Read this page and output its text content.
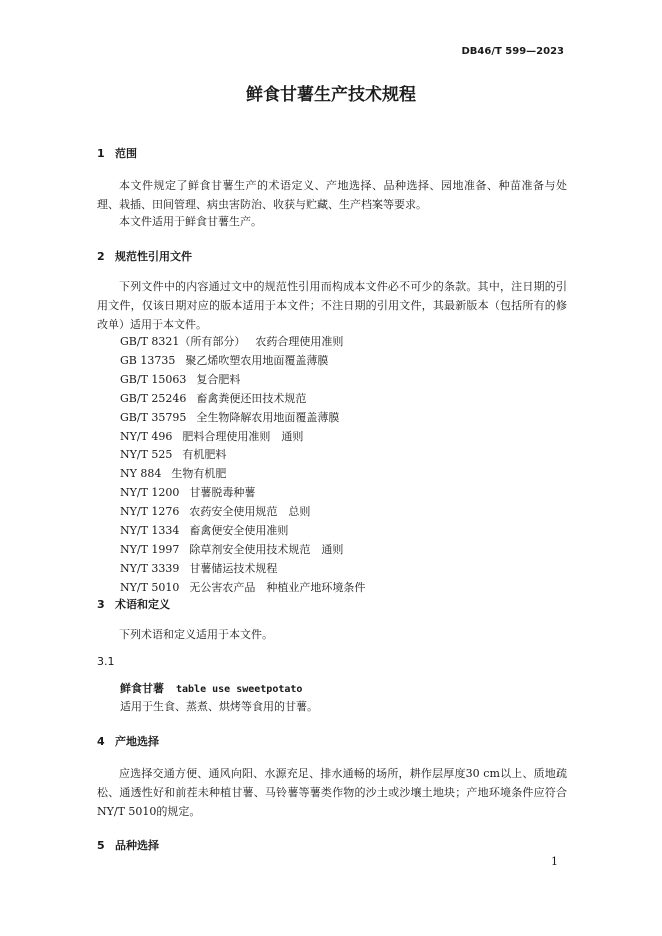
DB46/T 599—2023
鲜食甘薯生产技术规程
1 范围

本文件规定了鲜食甘薯生产的术语定义、产地选择、品种选择、园地准备、种苗准备与处理、栽插、田间管理、病虫害防治、收获与贮藏、生产档案等要求。

本文件适用于鲜食甘薯生产。

2 规范性引用文件

下列文件中的内容通过文中的规范性引用而构成本文件必不可少的条款。其中，注日期的引用文件，仅该日期对应的版本适用于本文件；不注日期的引用文件，其最新版本（包括所有的修改单）适用于本文件。

GB/T 8321（所有部分） 农药合理使用准则
GB 13735 聚乙烯吹塑农用地面覆盖薄膜
GB/T 15063 复合肥料
GB/T 25246 畜禽粪便还田技术规范
GB/T 35795 全生物降解农用地面覆盖薄膜
NY/T 496 肥料合理使用准则　通则
NY/T 525 有机肥料
NY 884 生物有机肥
NY/T 1200 甘薯脱毒种薯
NY/T 1276 农药安全使用规范　总则
NY/T 1334 畜禽便安全使用准则
NY/T 1997 除草剂安全使用技术规范　通则
NY/T 3339 甘薯储运技术规程
NY/T 5010 无公害农产品　种植业产地环境条件
3 术语和定义

下列术语和定义适用于本文件。

3.1
鲜食甘薯 table use sweetpotato
适用于生食、蒸煮、烘烤等食用的甘薯。
4 产地选择

应选择交通方便、通风向阳、水源充足、排水通畅的场所，耕作层厚度30 cm以上、质地疏松、通透性好和前茬未种植甘薯、马铃薯等薯类作物的沙土或沙壤土地块；产地环境条件应符合NY/T 5010的规定。

5 品种选择
1
